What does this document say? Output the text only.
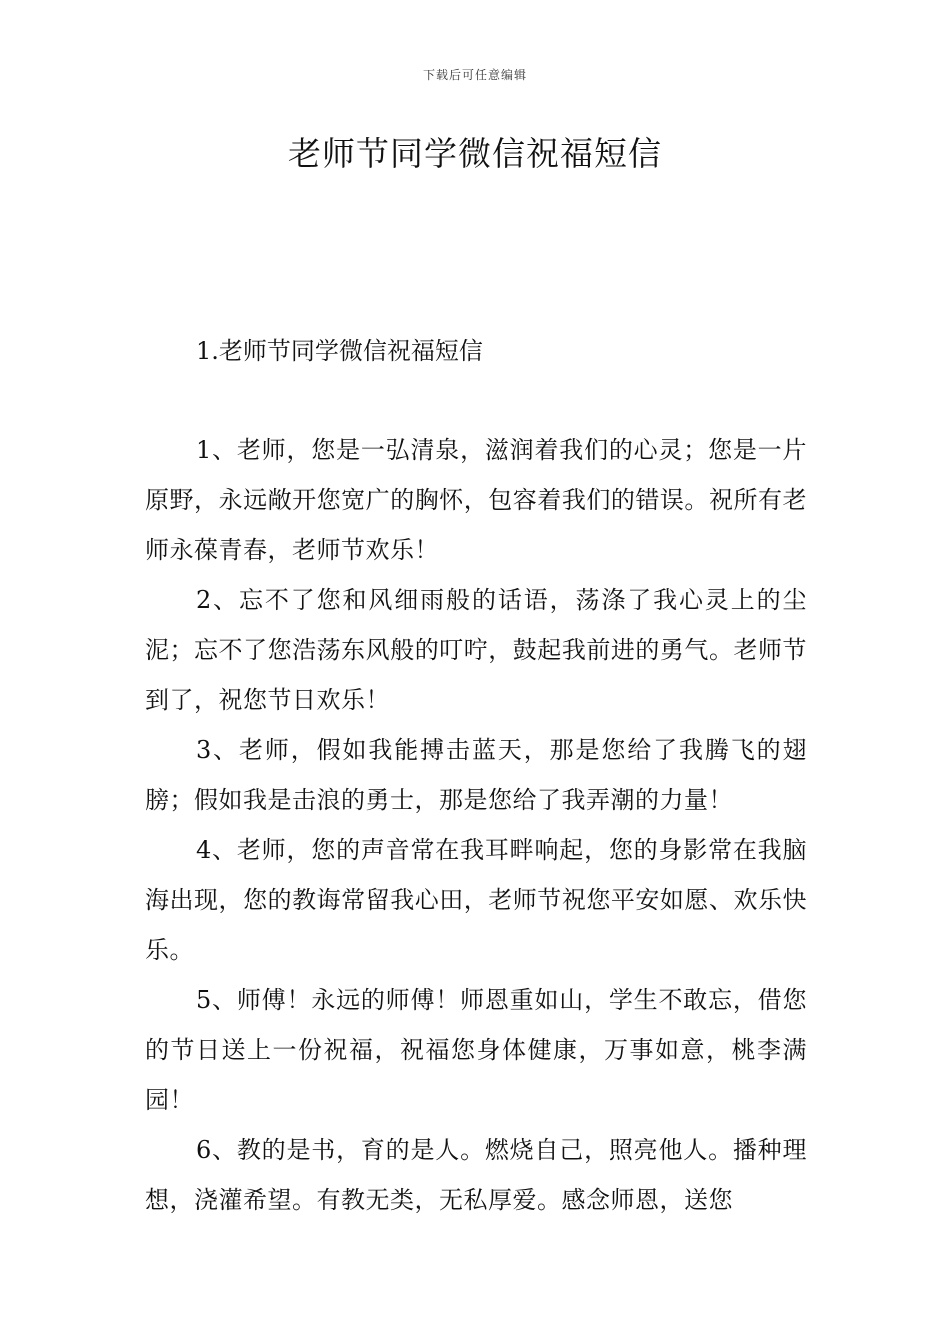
下载后可任意编辑
老师节同学微信祝福短信
1.老师节同学微信祝福短信

1、老师，您是一弘清泉，滋润着我们的心灵；您是一片原野，永远敞开您宽广的胸怀，包容着我们的错误。祝所有老师永葆青春，老师节欢乐！

2、忘不了您和风细雨般的话语，荡涤了我心灵上的尘泥；忘不了您浩荡东风般的叮咛，鼓起我前进的勇气。老师节到了，祝您节日欢乐！

3、老师，假如我能搏击蓝天，那是您给了我腾飞的翅膀；假如我是击浪的勇士，那是您给了我弄潮的力量！

4、老师，您的声音常在我耳畔响起，您的身影常在我脑海出现，您的教诲常留我心田，老师节祝您平安如愿、欢乐快乐。

5、师傅！永远的师傅！师恩重如山，学生不敢忘，借您的节日送上一份祝福，祝福您身体健康，万事如意，桃李满园！

6、教的是书，育的是人。燃烧自己，照亮他人。播种理想，浇灌希望。有教无类，无私厚爱。感念师恩，送您
